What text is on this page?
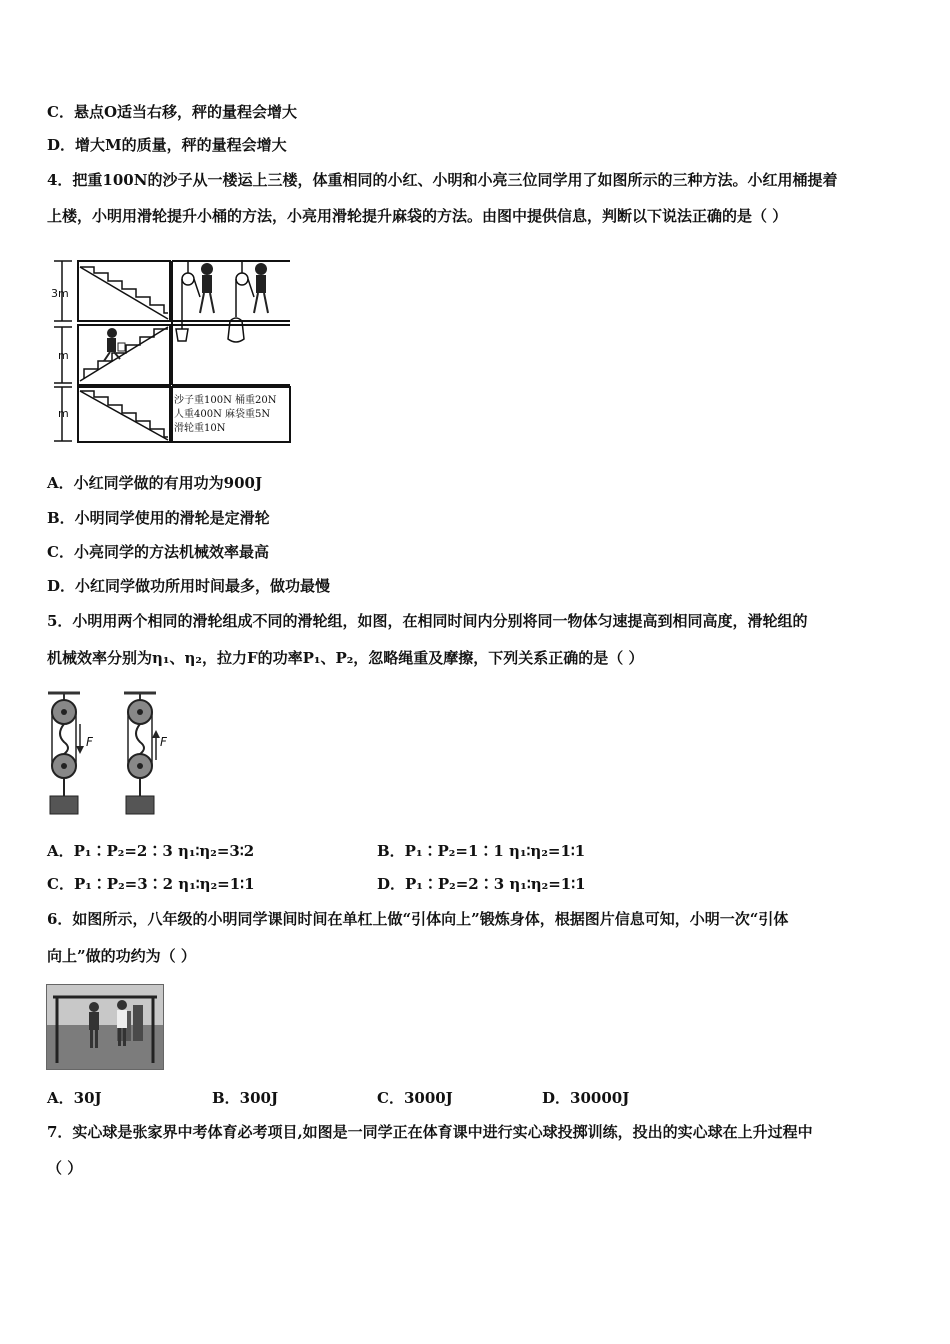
C．悬点O适当右移，秤的量程会增大
D．增大M的质量，秤的量程会增大
4．把重100N的沙子从一楼运上三楼，体重相同的小红、小明和小亮三位同学用了如图所示的三种方法。小红用桶提着
上楼，小明用滑轮提升小桶的方法，小亮用滑轮提升麻袋的方法。由图中提供信息，判断以下说法正确的是（ ）
3m
m
m
沙子重100N 桶重20N
人重400N 麻袋重5N
滑轮重10N
A．小红同学做的有用功为900J
B．小明同学使用的滑轮是定滑轮
C．小亮同学的方法机械效率最高
D．小红同学做功所用时间最多，做功最慢
5．小明用两个相同的滑轮组成不同的滑轮组，如图，在相同时间内分别将同一物体匀速提高到相同高度，滑轮组的
机械效率分别为η₁、η₂，拉力F的功率P₁、P₂，忽略绳重及摩擦，下列关系正确的是（ ）
F	F
A．P₁∶P₂=2∶3 η₁∶η₂=3∶2	B．P₁∶P₂=1∶1 η₁∶η₂=1∶1
C．P₁∶P₂=3∶2 η₁∶η₂=1∶1	D．P₁∶P₂=2∶3 η₁∶η₂=1∶1
6．如图所示，八年级的小明同学课间时间在单杠上做“引体向上”锻炼身体，根据图片信息可知，小明一次“引体
向上”做的功约为（ ）
A．30J	B．300J	C．3000J	D．30000J
7．实心球是张家界中考体育必考项目,如图是一同学正在体育课中进行实心球投掷训练，投出的实心球在上升过程中
（ ）
